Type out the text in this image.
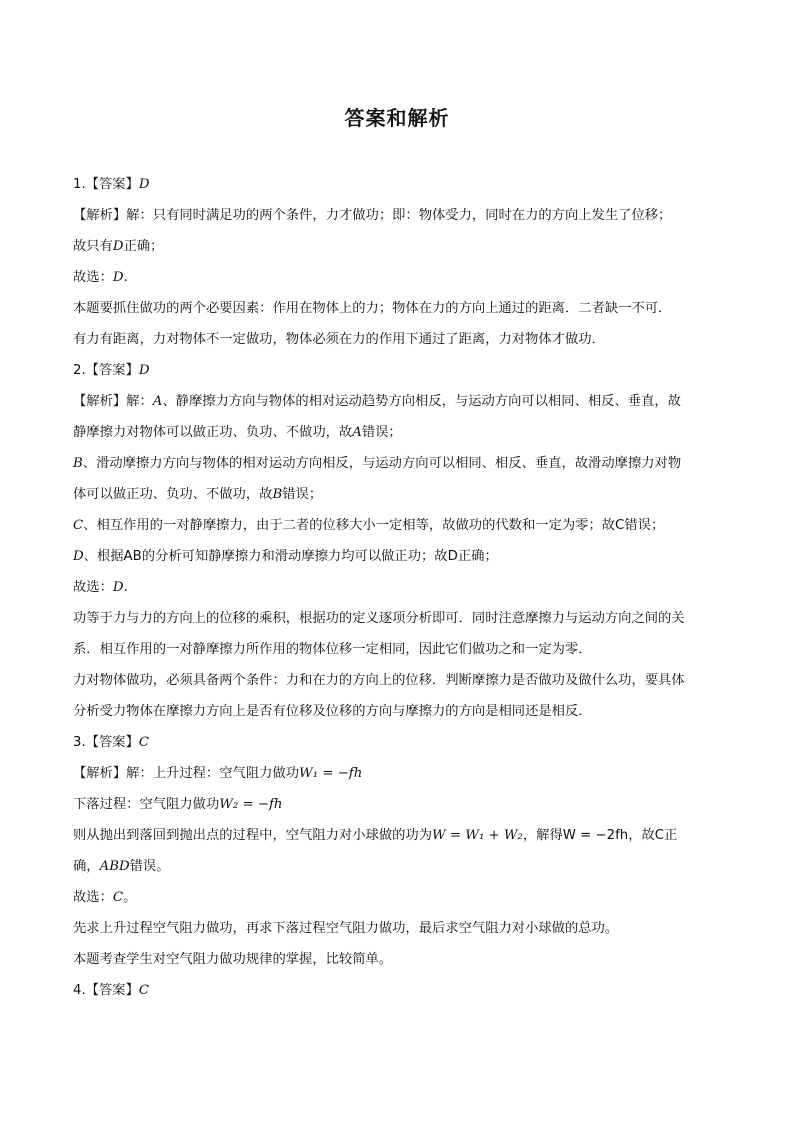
答案和解析
1.【答案】D
【解析】解：只有同时满足功的两个条件，力才做功；即：物体受力，同时在力的方向上发生了位移；
故只有D正确；
故选：D.
本题要抓住做功的两个必要因素：作用在物体上的力；物体在力的方向上通过的距离．二者缺一不可．
有力有距离，力对物体不一定做功，物体必须在力的作用下通过了距离，力对物体才做功．
2.【答案】D
【解析】解：A、静摩擦力方向与物体的相对运动趋势方向相反，与运动方向可以相同、相反、垂直，故
静摩擦力对物体可以做正功、负功、不做功，故A错误；
B、滑动摩擦力方向与物体的相对运动方向相反，与运动方向可以相同、相反、垂直，故滑动摩擦力对物
体可以做正功、负功、不做功，故B错误；
C、相互作用的一对静摩擦力，由于二者的位移大小一定相等，故做功的代数和一定为零；故C错误；
D、根据AB的分析可知静摩擦力和滑动摩擦力均可以做正功；故D正确；
故选：D.
功等于力与力的方向上的位移的乘积，根据功的定义逐项分析即可．同时注意摩擦力与运动方向之间的关
系．相互作用的一对静摩擦力所作用的物体位移一定相同，因此它们做功之和一定为零．
力对物体做功，必须具备两个条件：力和在力的方向上的位移．判断摩擦力是否做功及做什么功，要具体
分析受力物体在摩擦力方向上是否有位移及位移的方向与摩擦力的方向是相同还是相反．
3.【答案】C
【解析】解：上升过程：空气阻力做功W₁ = −fh
下落过程：空气阻力做功W₂ = −fh
则从抛出到落回到抛出点的过程中，空气阻力对小球做的功为W = W₁ + W₂，解得W = −2fh，故C正
确，ABD错误。
故选：C。
先求上升过程空气阻力做功，再求下落过程空气阻力做功，最后求空气阻力对小球做的总功。
本题考查学生对空气阻力做功规律的掌握，比较简单。
4.【答案】C
